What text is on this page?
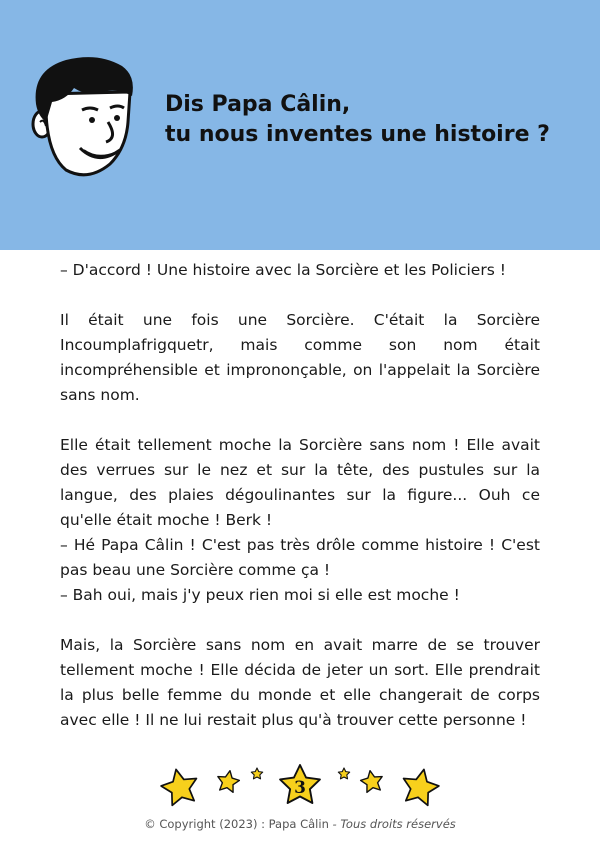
Dis Papa Câlin,
tu nous inventes une histoire ?

– D'accord ! Une histoire avec la Sorcière et les Policiers !

Il était une fois une Sorcière. C'était la Sorcière Incoumplafrigquetr, mais comme son nom était incompréhensible et imprononçable, on l'appelait la Sorcière sans nom.

Elle était tellement moche la Sorcière sans nom ! Elle avait des verrues sur le nez et sur la tête, des pustules sur la langue, des plaies dégoulinantes sur la figure... Ouh ce qu'elle était moche ! Berk !

– Hé Papa Câlin ! C'est pas très drôle comme histoire ! C'est pas beau une Sorcière comme ça !

– Bah oui, mais j'y peux rien moi si elle est moche !

Mais, la Sorcière sans nom en avait marre de se trouver tellement moche ! Elle décida de jeter un sort. Elle prendrait la plus belle femme du monde et elle changerait de corps avec elle ! Il ne lui restait plus qu'à trouver cette personne !

3
© Copyright (2023) : Papa Câlin - Tous droits réservés
